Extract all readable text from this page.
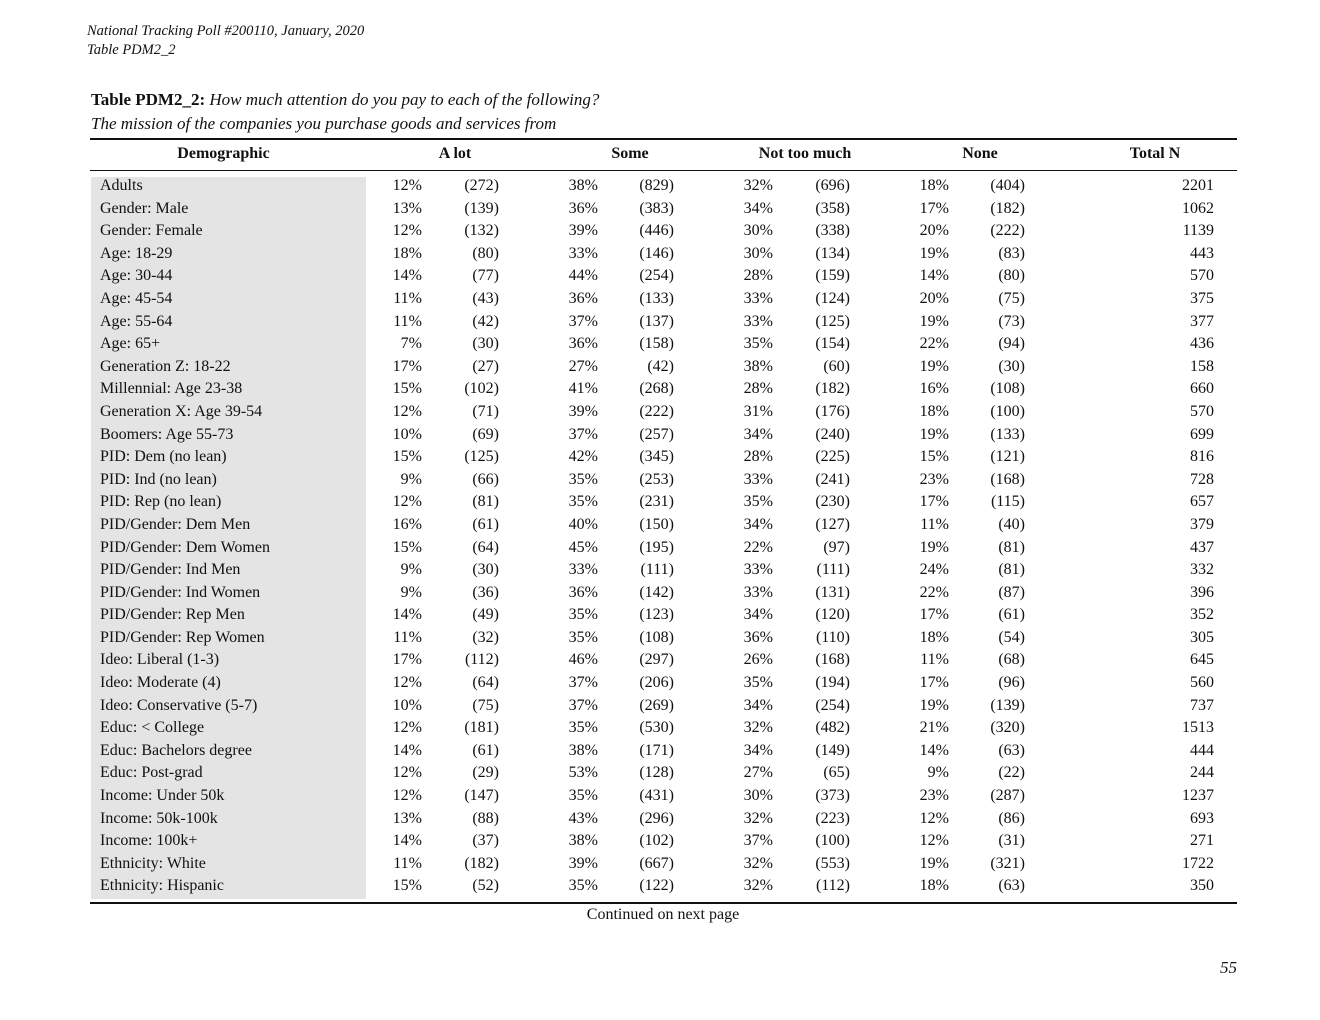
National Tracking Poll #200110, January, 2020
Table PDM2_2
Table PDM2_2: How much attention do you pay to each of the following?
The mission of the companies you purchase goods and services from
Demographic	A lot	Some	Not too much	None	Total N
Adults	12%	(272)	38%	(829)	32%	(696)	18%	(404)	2201
Gender: Male	13%	(139)	36%	(383)	34%	(358)	17%	(182)	1062
Gender: Female	12%	(132)	39%	(446)	30%	(338)	20%	(222)	1139
Age: 18-29	18%	(80)	33%	(146)	30%	(134)	19%	(83)	443
Age: 30-44	14%	(77)	44%	(254)	28%	(159)	14%	(80)	570
Age: 45-54	11%	(43)	36%	(133)	33%	(124)	20%	(75)	375
Age: 55-64	11%	(42)	37%	(137)	33%	(125)	19%	(73)	377
Age: 65+	7%	(30)	36%	(158)	35%	(154)	22%	(94)	436
Generation Z: 18-22	17%	(27)	27%	(42)	38%	(60)	19%	(30)	158
Millennial: Age 23-38	15%	(102)	41%	(268)	28%	(182)	16%	(108)	660
Generation X: Age 39-54	12%	(71)	39%	(222)	31%	(176)	18%	(100)	570
Boomers: Age 55-73	10%	(69)	37%	(257)	34%	(240)	19%	(133)	699
PID: Dem (no lean)	15%	(125)	42%	(345)	28%	(225)	15%	(121)	816
PID: Ind (no lean)	9%	(66)	35%	(253)	33%	(241)	23%	(168)	728
PID: Rep (no lean)	12%	(81)	35%	(231)	35%	(230)	17%	(115)	657
PID/Gender: Dem Men	16%	(61)	40%	(150)	34%	(127)	11%	(40)	379
PID/Gender: Dem Women	15%	(64)	45%	(195)	22%	(97)	19%	(81)	437
PID/Gender: Ind Men	9%	(30)	33%	(111)	33%	(111)	24%	(81)	332
PID/Gender: Ind Women	9%	(36)	36%	(142)	33%	(131)	22%	(87)	396
PID/Gender: Rep Men	14%	(49)	35%	(123)	34%	(120)	17%	(61)	352
PID/Gender: Rep Women	11%	(32)	35%	(108)	36%	(110)	18%	(54)	305
Ideo: Liberal (1-3)	17%	(112)	46%	(297)	26%	(168)	11%	(68)	645
Ideo: Moderate (4)	12%	(64)	37%	(206)	35%	(194)	17%	(96)	560
Ideo: Conservative (5-7)	10%	(75)	37%	(269)	34%	(254)	19%	(139)	737
Educ: < College	12%	(181)	35%	(530)	32%	(482)	21%	(320)	1513
Educ: Bachelors degree	14%	(61)	38%	(171)	34%	(149)	14%	(63)	444
Educ: Post-grad	12%	(29)	53%	(128)	27%	(65)	9%	(22)	244
Income: Under 50k	12%	(147)	35%	(431)	30%	(373)	23%	(287)	1237
Income: 50k-100k	13%	(88)	43%	(296)	32%	(223)	12%	(86)	693
Income: 100k+	14%	(37)	38%	(102)	37%	(100)	12%	(31)	271
Ethnicity: White	11%	(182)	39%	(667)	32%	(553)	19%	(321)	1722
Ethnicity: Hispanic	15%	(52)	35%	(122)	32%	(112)	18%	(63)	350
Continued on next page
55
